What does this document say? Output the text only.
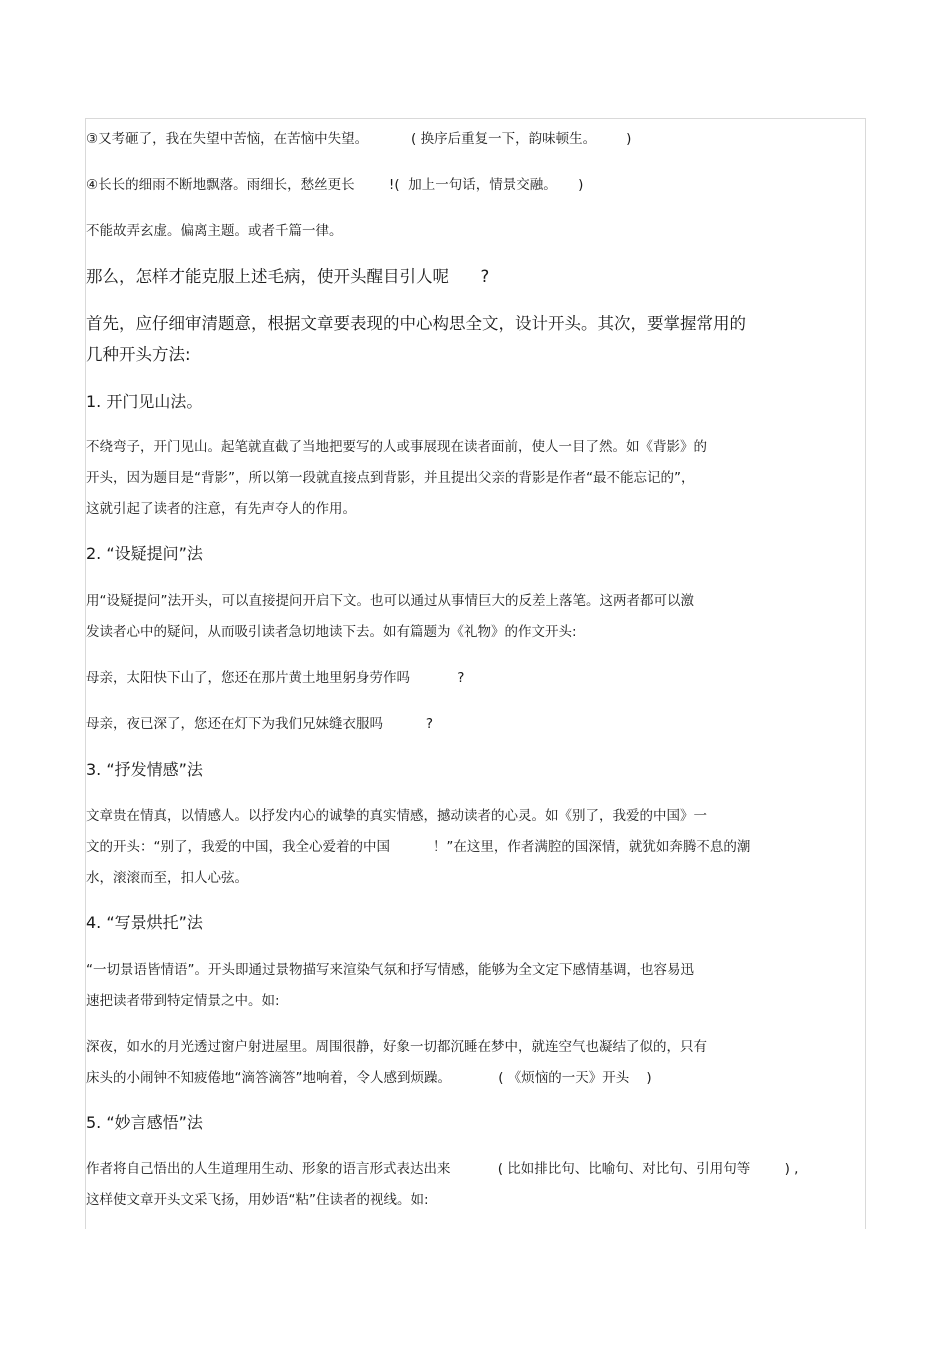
③又考砸了，我在失望中苦恼，在苦恼中失望。          ( 换序后重复一下，韵味顿生。       )

④长长的细雨不断地飘落。雨细长，愁丝更长        !(  加上一句话，情景交融。     )

不能故弄玄虚。偏离主题。或者千篇一律。

那么，怎样才能克服上述毛病，使开头醒目引人呢      ?

首先，应仔细审清题意，根据文章要表现的中心构思全文，设计开头。其次，要掌握常用的

几种开头方法:

1. 开门见山法。

不绕弯子，开门见山。起笔就直截了当地把要写的人或事展现在读者面前，使人一目了然。如《背影》的

开头，因为题目是“背影”，所以第一段就直接点到背影，并且提出父亲的背影是作者“最不能忘记的”，

这就引起了读者的注意，有先声夺人的作用。

2. “设疑提问”法

用“设疑提问”法开头，可以直接提问开启下文。也可以通过从事情巨大的反差上落笔。这两者都可以激

发读者心中的疑问，从而吸引读者急切地读下去。如有篇题为《礼物》的作文开头:

母亲，太阳快下山了，您还在那片黄土地里躬身劳作吗           ?

母亲，夜已深了，您还在灯下为我们兄妹缝衣服吗          ?

3. “抒发情感”法

文章贵在情真，以情感人。以抒发内心的诚挚的真实情感，撼动读者的心灵。如《别了，我爱的中国》一

文的开头：“别了，我爱的中国，我全心爱着的中国          ！”在这里，作者满腔的国深情，就犹如奔腾不息的潮

水，滚滚而至，扣人心弦。

4. “写景烘托”法

“一切景语皆情语”。开头即通过景物描写来渲染气氛和抒写情感，能够为全文定下感情基调，也容易迅

速把读者带到特定情景之中。如:

深夜，如水的月光透过窗户射进屋里。周围很静，好象一切都沉睡在梦中，就连空气也凝结了似的，只有

床头的小闹钟不知疲倦地“滴答滴答”地响着，令人感到烦躁。           ( 《烦恼的一天》开头    )

5. “妙言感悟”法

作者将自己悟出的人生道理用生动、形象的语言形式表达出来           ( 比如排比句、比喻句、对比句、引用句等        ) ,

这样使文章开头文采飞扬，用妙语“粘”住读者的视线。如:
